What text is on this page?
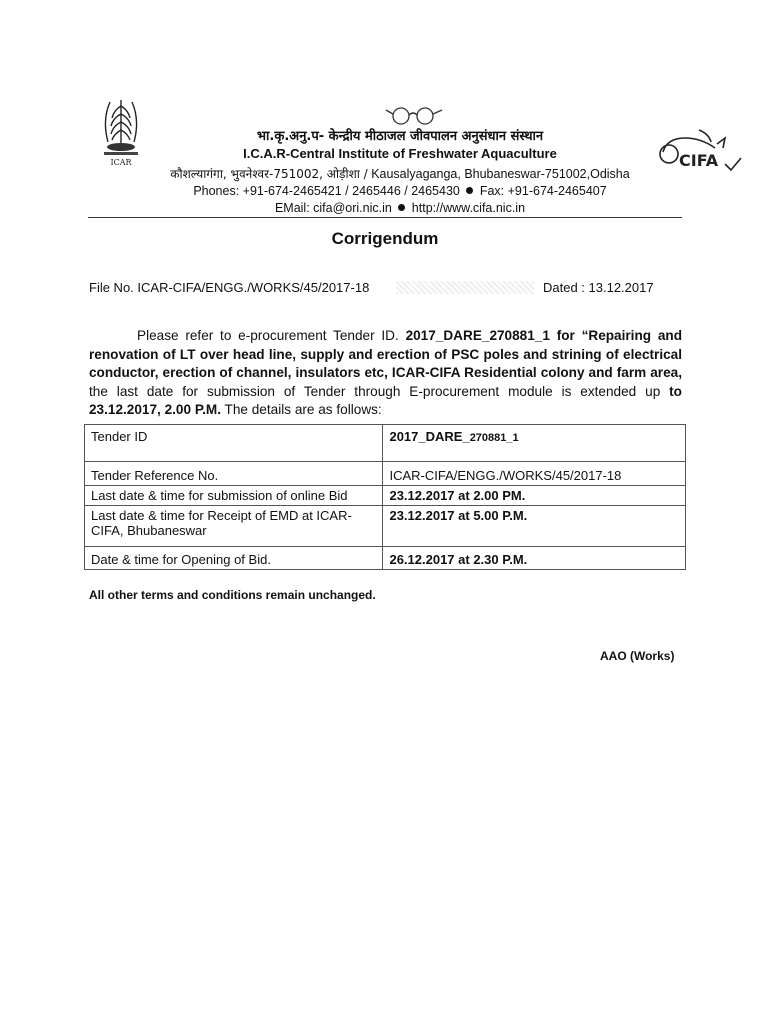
ICAR	CIFA
भा.कृ.अनु.प- केन्द्रीय मीठाजल जीवपालन अनुसंधान संस्थान
I.C.A.R-Central Institute of Freshwater Aquaculture
कौशल्यागंगा, भुवनेश्वर-751002, ओड़ीशा / Kausalyaganga, Bhubaneswar-751002,Odisha
Phones: +91-674-2465421 / 2465446 / 2465430 Fax: +91-674-2465407
EMail: cifa@ori.nic.in http://www.cifa.nic.in
Corrigendum
File No. ICAR-CIFA/ENGG./WORKS/45/2017-18	Dated : 13.12.2017
Please refer to e-procurement Tender ID. 2017_DARE_270881_1 for “Repairing and renovation of LT over head line, supply and erection of PSC poles and strining of electrical conductor, erection of channel, insulators etc, ICAR-CIFA Residential colony and farm area, the last date for submission of Tender through E-procurement module is extended up to 23.12.2017, 2.00 P.M. The details are as follows:
Tender ID	2017_DARE_270881_1
Tender Reference No.	ICAR-CIFA/ENGG./WORKS/45/2017-18
Last date & time for submission of online Bid	23.12.2017 at 2.00 PM.
Last date & time for Receipt of EMD at ICAR-CIFA, Bhubaneswar	23.12.2017 at 5.00 P.M.
Date & time for Opening of Bid.	26.12.2017 at 2.30 P.M.
All other terms and conditions remain unchanged.
AAO (Works)
